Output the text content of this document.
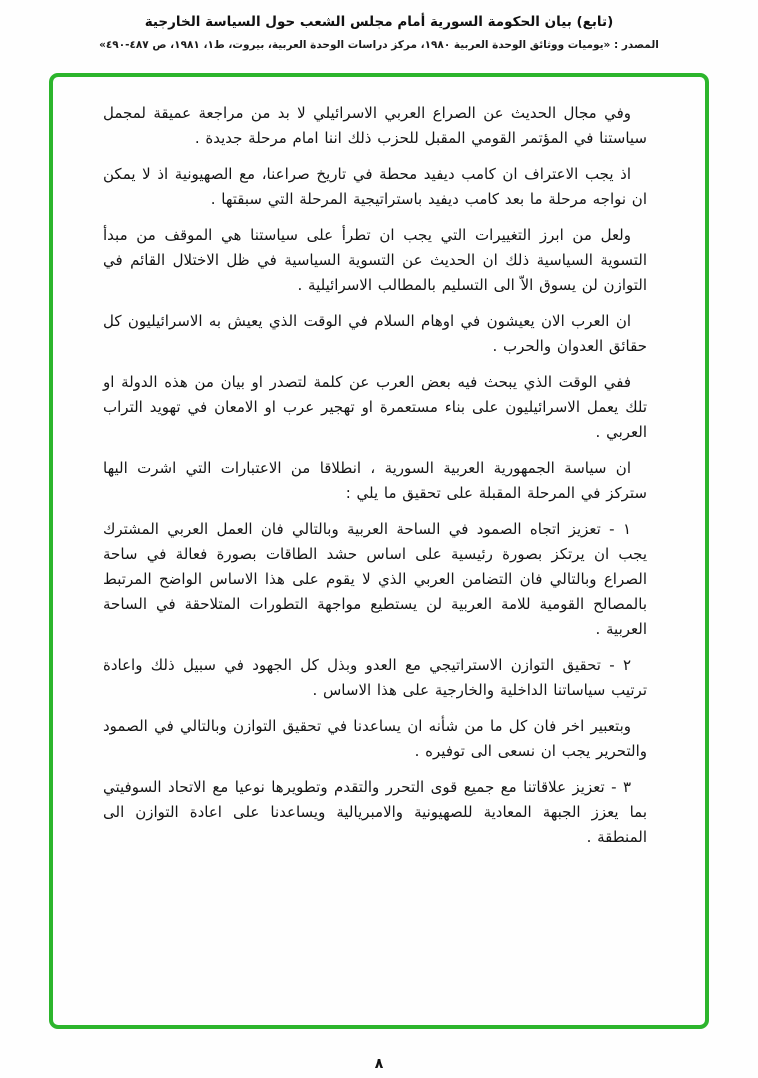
(تابع) بيان الحكومة السورية أمام مجلس الشعب حول السياسة الخارجية
المصدر : «يوميات ووثائق الوحدة العربية ١٩٨٠، مركز دراسات الوحدة العربية، بيروت، ط١، ١٩٨١، ص ٤٨٧-٤٩٠»

وفي مجال الحديث عن الصراع العربي الاسرائيلي لا بد من مراجعة عميقة لمجمل سياستنا في المؤتمر القومي المقبل للحزب ذلك اننا امام مرحلة جديدة .

اذ يجب الاعتراف ان كامب ديفيد محطة في تاريخ صراعنا، مع الصهيونية اذ لا يمكن ان نواجه مرحلة ما بعد كامب ديفيد باستراتيجية المرحلة التي سبقتها .

ولعل من ابرز التغييرات التي يجب ان تطرأ على سياستنا هي الموقف من مبدأ التسوية السياسية ذلك ان الحديث عن التسوية السياسية في ظل الاختلال القائم في التوازن لن يسوق الاّ الى التسليم بالمطالب الاسرائيلية .

ان العرب الان يعيشون في اوهام السلام في الوقت الذي يعيش به الاسرائيليون كل حقائق العدوان والحرب .

ففي الوقت الذي يبحث فيه بعض العرب عن كلمة لتصدر او بيان من هذه الدولة او تلك يعمل الاسرائيليون على بناء مستعمرة او تهجير عرب او الامعان في تهويد التراب العربي .

ان سياسة الجمهورية العربية السورية ، انطلاقا من الاعتبارات التي اشرت اليها ستركز في المرحلة المقبلة على تحقيق ما يلي :

١ - تعزيز اتجاه الصمود في الساحة العربية وبالتالي فان العمل العربي المشترك يجب ان يرتكز بصورة رئيسية على اساس حشد الطاقات بصورة فعالة في ساحة الصراع وبالتالي فان التضامن العربي الذي لا يقوم على هذا الاساس الواضح المرتبط بالمصالح القومية للامة العربية لن يستطيع مواجهة التطورات المتلاحقة في الساحة العربية .

٢ - تحقيق التوازن الاستراتيجي مع العدو وبذل كل الجهود في سبيل ذلك واعادة ترتيب سياساتنا الداخلية والخارجية على هذا الاساس .

وبتعبير اخر فان كل ما من شأنه ان يساعدنا في تحقيق التوازن وبالتالي في الصمود والتحرير يجب ان نسعى الى توفيره .

٣ - تعزيز علاقاتنا مع جميع قوى التحرر والتقدم وتطويرها نوعيا مع الاتحاد السوفيتي بما يعزز الجبهة المعادية للصهيونية والامبريالية ويساعدنا على اعادة التوازن الى المنطقة .

٨
